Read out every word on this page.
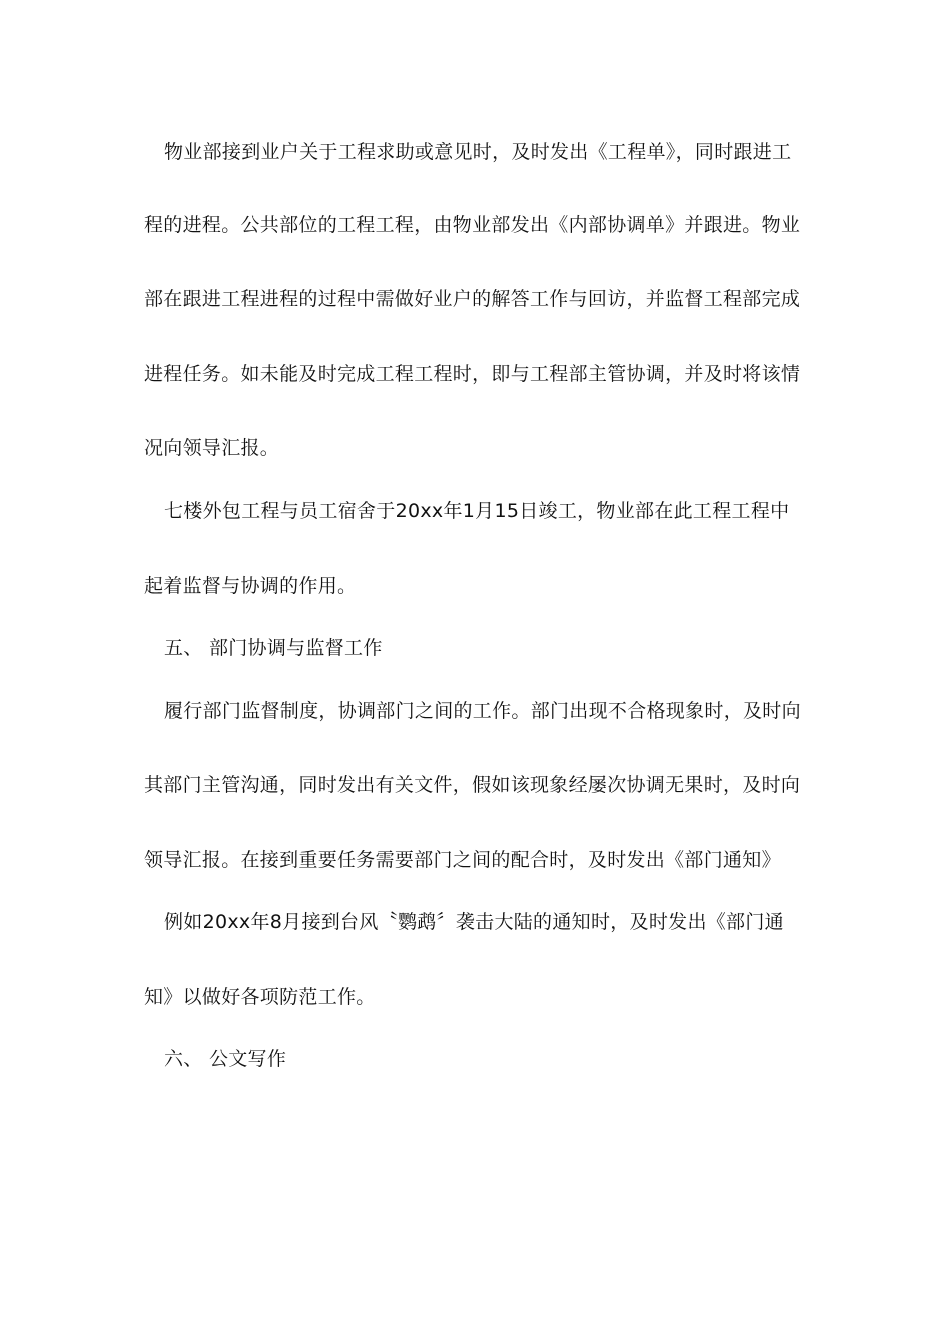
物业部接到业户关于工程求助或意见时，及时发出《工程单》，同时跟进工
程的进程。公共部位的工程工程，由物业部发出《内部协调单》并跟进。物业
部在跟进工程进程的过程中需做好业户的解答工作与回访，并监督工程部完成
进程任务。如未能及时完成工程工程时，即与工程部主管协调，并及时将该情
况向领导汇报。
七楼外包工程与员工宿舍于20xx年1月15日竣工，物业部在此工程工程中
起着监督与协调的作用。
五、 部门协调与监督工作
履行部门监督制度，协调部门之间的工作。部门出现不合格现象时，及时向
其部门主管沟通，同时发出有关文件，假如该现象经屡次协调无果时，及时向
领导汇报。在接到重要任务需要部门之间的配合时，及时发出《部门通知》
例如20xx年8月接到台风〝鹦鹉〞袭击大陆的通知时，及时发出《部门通
知》以做好各项防范工作。
六、 公文写作
